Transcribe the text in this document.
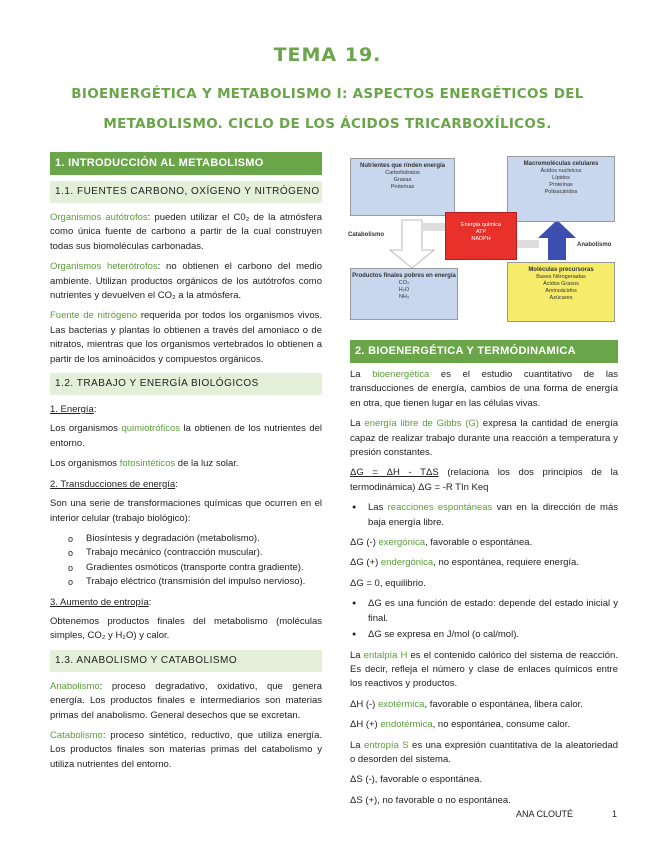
TEMA 19.
BIOENERGÉTICA Y METABOLISMO I: ASPECTOS ENERGÉTICOS DEL
METABOLISMO. CICLO DE LOS ÁCIDOS TRICARBOXÍLICOS.
1. INTRODUCCIÓN AL METABOLISMO
1.1. FUENTES CARBONO, OXÍGENO Y NITRÓGENO

Organismos autótrofos: pueden utilizar el C0₂ de la atmósfera como única fuente de carbono a partir de la cual construyen todas sus biomoléculas carbonadas.

Organismos heterótrofos: no obtienen el carbono del medio ambiente. Utilizan productos orgánicos de los autótrofos como nutrientes y devuelven el CO₂ a la atmósfera.

Fuente de nitrógeno requerida por todos los organismos vivos. Las bacterias y plantas lo obtienen a través del amoniaco o de nitratos, mientras que los organismos vertebrados lo obtienen a partir de los aminoácidos y compuestos orgánicos.

1.2. TRABAJO Y ENERGÍA BIOLÓGICOS

1. Energía:

Los organismos quimiotróficos la obtienen de los nutrientes del entorno.

Los organismos fotosintéticos de la luz solar.

2. Transducciones de energía:

Son una serie de transformaciones químicas que ocurren en el interior celular (trabajo biológico):

o Biosíntesis y degradación (metabolismo).
o Trabajo mecánico (contracción muscular).
o Gradientes osmóticos (transporte contra gradiente).
o Trabajo eléctrico (transmisión del impulso nervioso).

3. Aumento de entropía:

Obtenemos productos finales del metabolismo (moléculas simples, CO₂ y H₂O) y calor.

1.3. ANABOLISMO Y CATABOLISMO

Anabolismo: proceso degradativo, oxidativo, que genera energía. Los productos finales e intermediarios son materias primas del anabolismo. General desechos que se excretan.

Catabolismo: proceso sintético, reductivo, que utiliza energía. Los productos finales son materias primas del catabolismo y utiliza nutrientes del entorno.

Nutrientes que rinden energía
Carbohidratos
Grasas
Proteínas
Macromoléculas celulares
Ácidos nucleicos
Lípidos
Proteínas
Polisacáridos
Energía química
ATP
NADPH
Catabolismo
Anabolismo
Productos finales pobres en energía
CO₂
H₂O
NH₃
Moléculas precursoras
Bases Nitrogenadas
Ácidos Grasos
Aminoácidos
Azúcares
2. BIOENERGÉTICA Y TERMÓDINAMICA

La bioenergética es el estudio cuantitativo de las transducciones de energía, cambios de una forma de energía en otra, que tienen lugar en las células vivas.

La energía libre de Gibbs (G) expresa la cantidad de energía capaz de realizar trabajo durante una reacción a temperatura y presión constantes.

ΔG = ΔH - TΔS (relaciona los dos principios de la termodinámica) ΔG = -R TIn Keq

● Las reacciones espontáneas van en la dirección de más baja energía libre.

ΔG (-) exergónica, favorable o espontánea.

ΔG (+) endergónica, no espontánea, requiere energía.

ΔG = 0, equilibrio.

● ΔG es una función de estado: depende del estado inicial y final.
● ΔG se expresa en J/mol (o cal/mol).

La entalpía H es el contenido calórico del sistema de reacción. Es decir, refleja el número y clase de enlaces químicos entre los reactivos y productos.

ΔH (-) exotérmica, favorable o espontánea, libera calor.

ΔH (+) endotérmica, no espontánea, consume calor.

La entropía S es una expresión cuantitativa de la aleatoriedad o desorden del sistema.

ΔS (-), favorable o espontánea.

ΔS (+), no favorable o no espontánea.

ANA CLOUTÉ	1
